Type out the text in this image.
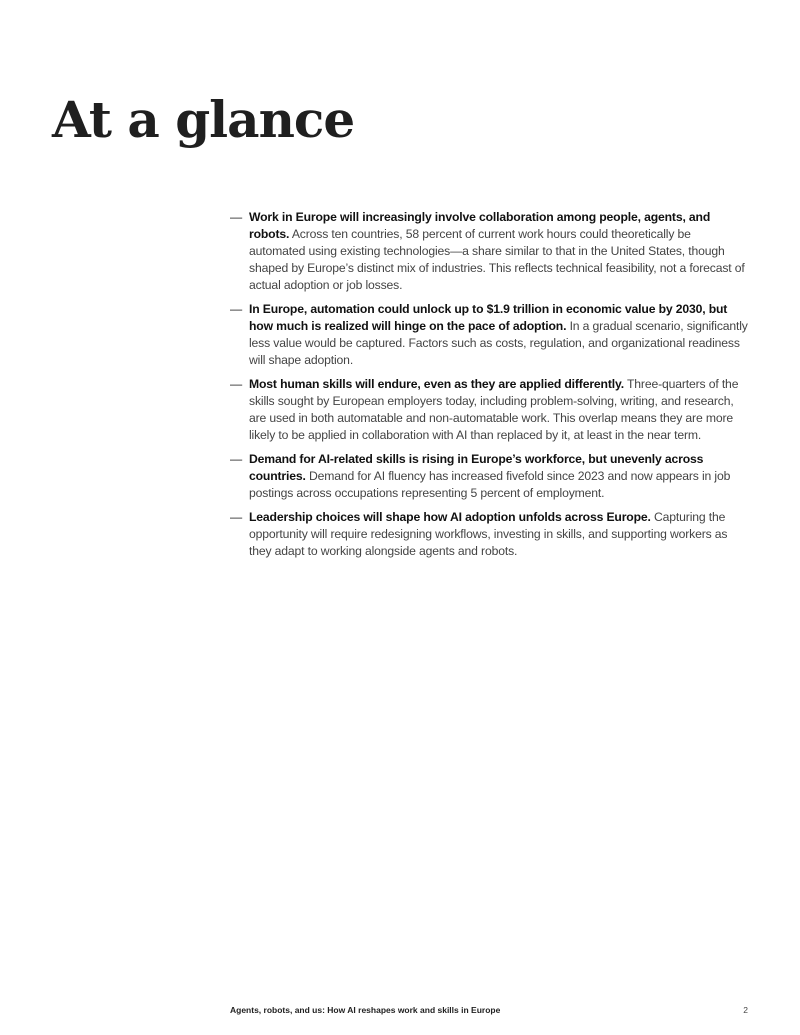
At a glance
— Work in Europe will increasingly involve collaboration among people, agents, and robots. Across ten countries, 58 percent of current work hours could theoretically be automated using existing technologies—a share similar to that in the United States, though shaped by Europe’s distinct mix of industries. This reflects technical feasibility, not a forecast of actual adoption or job losses.
— In Europe, automation could unlock up to $1.9 trillion in economic value by 2030, but how much is realized will hinge on the pace of adoption. In a gradual scenario, significantly less value would be captured. Factors such as costs, regulation, and organizational readiness will shape adoption.
— Most human skills will endure, even as they are applied differently. Three-quarters of the skills sought by European employers today, including problem-solving, writing, and research, are used in both automatable and non-automatable work. This overlap means they are more likely to be applied in collaboration with AI than replaced by it, at least in the near term.
— Demand for AI-related skills is rising in Europe’s workforce, but unevenly across countries. Demand for AI fluency has increased fivefold since 2023 and now appears in job postings across occupations representing 5 percent of employment.
— Leadership choices will shape how AI adoption unfolds across Europe. Capturing the opportunity will require redesigning workflows, investing in skills, and supporting workers as they adapt to working alongside agents and robots.
Agents, robots, and us: How AI reshapes work and skills in Europe	2
